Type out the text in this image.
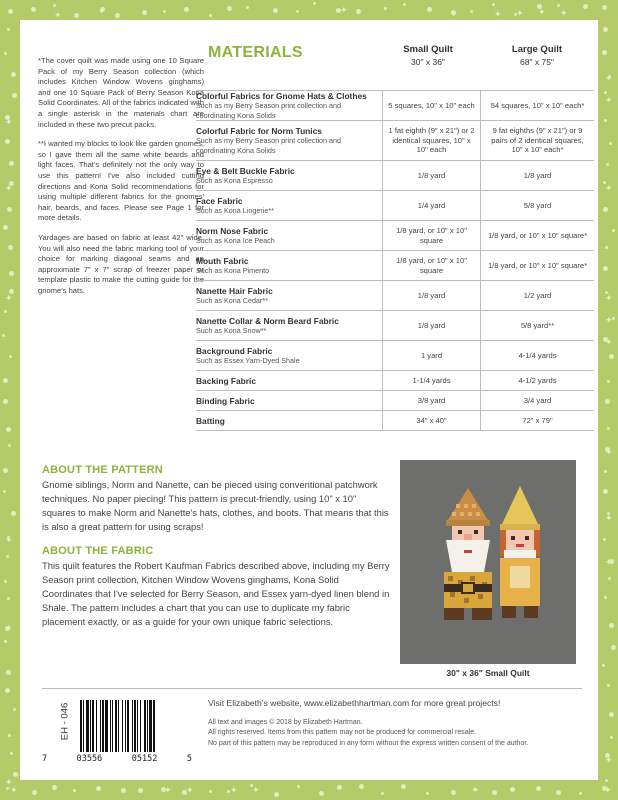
✦
✦	✦
✦ ✦	✦ ✦
✦	✦
✦
✦ ✦ ✦ ✦
✦
✦
✦
✦
✦	✦
✦	✦
✦
✦
✦
✦
✦
✦
✦
✦
✦

*The cover quilt was made using one 10 Square Pack of my Berry Season collection (which includes Kitchen Window Wovens ginghams) and one 10 Square Pack of Berry Season Kona Solid Coordinates. All of the fabrics indicated with a single asterisk in the materials chart are included in these two precut packs.

**I wanted my blocks to look like garden gnomes, so I gave them all the same white beards and light faces. That's definitely not the only way to use this pattern! I've also included cutting directions and Kona Solid recommendations for using multiple different fabrics for the gnomes' hair, beards, and faces. Please see Page 1 for more details.

Yardages are based on fabric at least 42" wide. You will also need the fabric marking tool of your choice for marking diagonal seams and an approximate 7" x 7" scrap of freezer paper or template plastic to make the cutting guide for the gnome's hats.

MATERIALS	Small Quilt
30" x 36"
Large Quilt
68" x 75"
Colorful Fabrics for Gnome Hats & Clothes
Such as my Berry Season print collection and coordinating Kona Solids
5 squares, 10" x 10" each	54 squares, 10" x 10" each*
Colorful Fabric for Norm Tunics
Such as my Berry Season print collection and coordinating Kona Solids
1 fat eighth (9" x 21") or 2 identical squares, 10" x 10" each
9 fat eighths (9" x 21") or 9 pairs of 2 identical squares, 10" x 10" each*
Eye & Belt Buckle Fabric
Such as Kona Espresso
1/8 yard	1/8 yard
Face Fabric
Such as Kona Lingerie**
1/4 yard	5/8 yard
Norm Nose Fabric
Such as Kona Ice Peach
1/8 yard, or 10" x 10" square
1/8 yard, or 10" x 10" square*
Mouth Fabric
Such as Kona Pimento
1/8 yard, or 10" x 10" square
1/8 yard, or 10" x 10" square*
Nanette Hair Fabric
Such as Kona Cedar**
1/8 yard	1/2 yard
Nanette Collar & Norm Beard Fabric
Such as Kona Snow**
1/8 yard	5/8 yard**
Background Fabric
Such as Essex Yarn-Dyed Shale
1 yard	4-1/4 yards
Backing Fabric	1-1/4 yards	4-1/2 yards
Binding Fabric	3/8 yard	3/4 yard
Batting	34" x 40"	72" x 79"
ABOUT THE PATTERN
Gnome siblings, Norm and Nanette, can be pieced using conventional patchwork techniques. No paper piecing! This pattern is precut-friendly, using 10" x 10" squares to make Norm and Nanette's hats, clothes, and boots. That means that this is also a great pattern for using scraps!
ABOUT THE FABRIC
This quilt features the Robert Kaufman Fabrics described above, including my Berry Season print collection, Kitchen Window Wovens ginghams, Kona Solid Coordinates that I've selected for Berry Season, and Essex yarn-dyed linen blend in Shale. The pattern includes a chart that you can use to duplicate my fabric placement exactly, or as a guide for your own unique fabric selections.
30" x 36" Small Quilt
EH - 046
7	03556	05152	5
Visit Elizabeth's website, www.elizabethhartman.com for more great projects!
All text and images © 2018 by Elizabeth Hartman.
All rights reserved. Items from this pattern may not be produced for commercial resale.
No part of this pattern may be reproduced in any form without the express written consent of the author.
